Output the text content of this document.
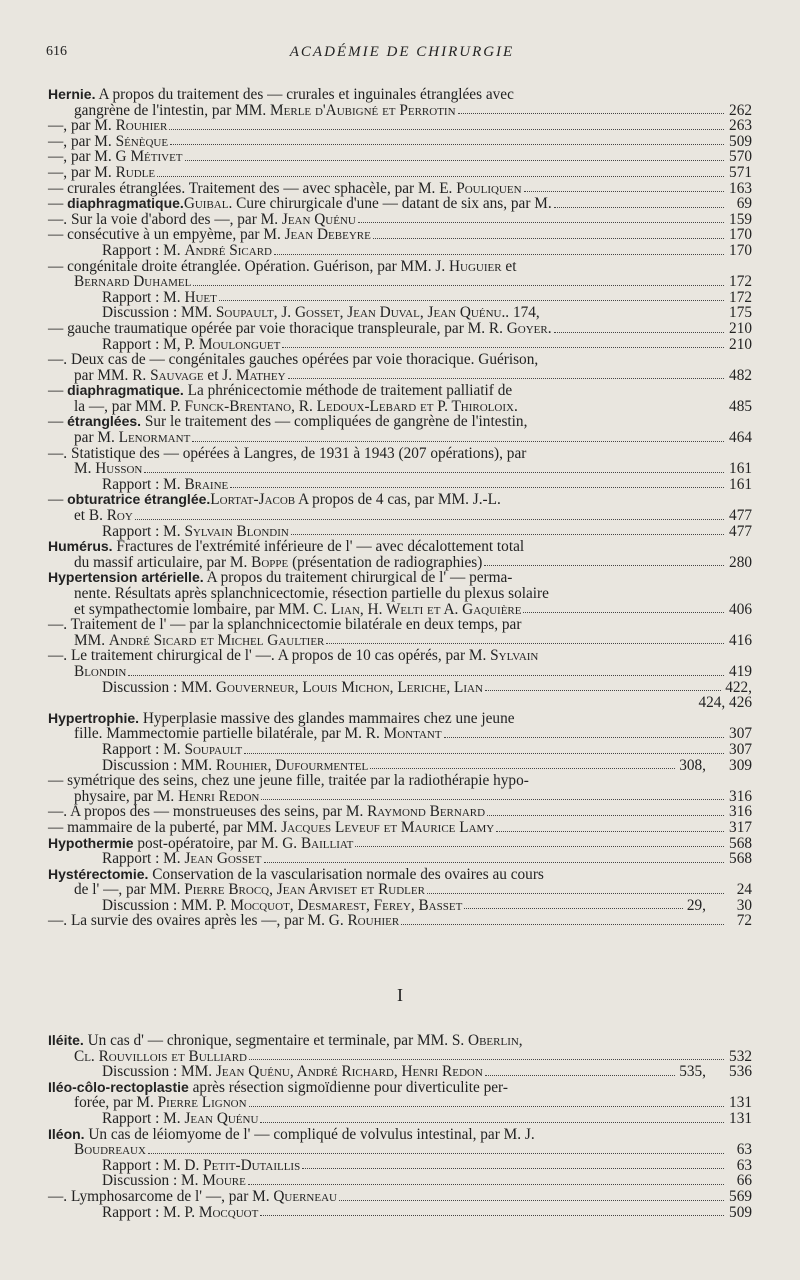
616	ACADÉMIE DE CHIRURGIE
Hernie. A propos du traitement des — crurales et inguinales étranglées avec
gangrène de l'intestin, par MM. Merle d'Aubigné et Perrotin	262
—, par M. Rouhier	263
—, par M. Sénèque	509
—, par M. G Métivet	570
—, par M. Rudle	571
— crurales étranglées. Traitement des — avec sphacèle, par M. E. Pouliquen	163
— diaphragmatique.Guibal. Cure chirurgicale d'une — datant de six ans, par M.	69
—. Sur la voie d'abord des —, par M. Jean Quénu	159
— consécutive à un empyème, par M. Jean Debeyre	170
Rapport : M. André Sicard	170
— congénitale droite étranglée. Opération. Guérison, par MM. J. Huguier et
Bernard Duhamel	172
Rapport : M. Huet	172
Discussion : MM. Soupault, J. Gosset, Jean Duval, Jean Quénu.. 174,	175
— gauche traumatique opérée par voie thoracique transpleurale, par M. R. Goyer.	210
Rapport : M, P. Moulonguet	210
—. Deux cas de — congénitales gauches opérées par voie thoracique. Guérison,
par MM. R. Sauvage et J. Mathey	482
— diaphragmatique. La phrénicectomie méthode de traitement palliatif de
la —, par MM. P. Funck-Brentano, R. Ledoux-Lebard et P. Thiroloix.	485
— étranglées. Sur le traitement des — compliquées de gangrène de l'intestin,
par M. Lenormant	464
—. Statistique des — opérées à Langres, de 1931 à 1943 (207 opérations), par
M. Husson	161
Rapport : M. Braine	161
— obturatrice étranglée.Lortat-Jacob A propos de 4 cas, par MM. J.-L.
et B. Roy	477
Rapport : M. Sylvain Blondin	477
Humérus. Fractures de l'extrémité inférieure de l' — avec décalottement total
du massif articulaire, par M. Boppe (présentation de radiographies)	280
Hypertension artérielle. A propos du traitement chirurgical de l' — perma-
nente. Résultats après splanchnicectomie, résection partielle du plexus solaire
et sympathectomie lombaire, par MM. C. Lian, H. Welti et A. Gaquière	406
—. Traitement de l' — par la splanchnicectomie bilatérale en deux temps, par
MM. André Sicard et Michel Gaultier	416
—. Le traitement chirurgical de l' —. A propos de 10 cas opérés, par M. Sylvain
Blondin	419
Discussion : MM. Gouverneur, Louis Michon, Leriche, Lian	422,
424, 426
Hypertrophie. Hyperplasie massive des glandes mammaires chez une jeune
fille. Mammectomie partielle bilatérale, par M. R. Montant	307
Rapport : M. Soupault	307
Discussion : MM. Rouhier, Dufourmentel	308, 309
— symétrique des seins, chez une jeune fille, traitée par la radiothérapie hypo-
physaire, par M. Henri Redon	316
—. A propos des — monstrueuses des seins, par M. Raymond Bernard	316
— mammaire de la puberté, par MM. Jacques Leveuf et Maurice Lamy	317
Hypothermie post-opératoire, par M. G. Bailliat	568
Rapport : M. Jean Gosset	568
Hystérectomie. Conservation de la vascularisation normale des ovaires au cours
de l' —, par MM. Pierre Brocq, Jean Arviset et Rudler	24
Discussion : MM. P. Mocquot, Desmarest, Ferey, Basset	29,	30
—. La survie des ovaires après les —, par M. G. Rouhier	72
I
Iléite. Un cas d' — chronique, segmentaire et terminale, par MM. S. Oberlin,
Cl. Rouvillois et Bulliard	532
Discussion : MM. Jean Quénu, André Richard, Henri Redon	535, 536
Iléo-côlo-rectoplastie après résection sigmoïdienne pour diverticulite per-
forée, par M. Pierre Lignon	131
Rapport : M. Jean Quénu	131
Iléon. Un cas de léiomyome de l' — compliqué de volvulus intestinal, par M. J.
Boudreaux	63
Rapport : M. D. Petit-Dutaillis	63
Discussion : M. Moure	66
—. Lymphosarcome de l' —, par M. Querneau	569
Rapport : M. P. Mocquot	509
